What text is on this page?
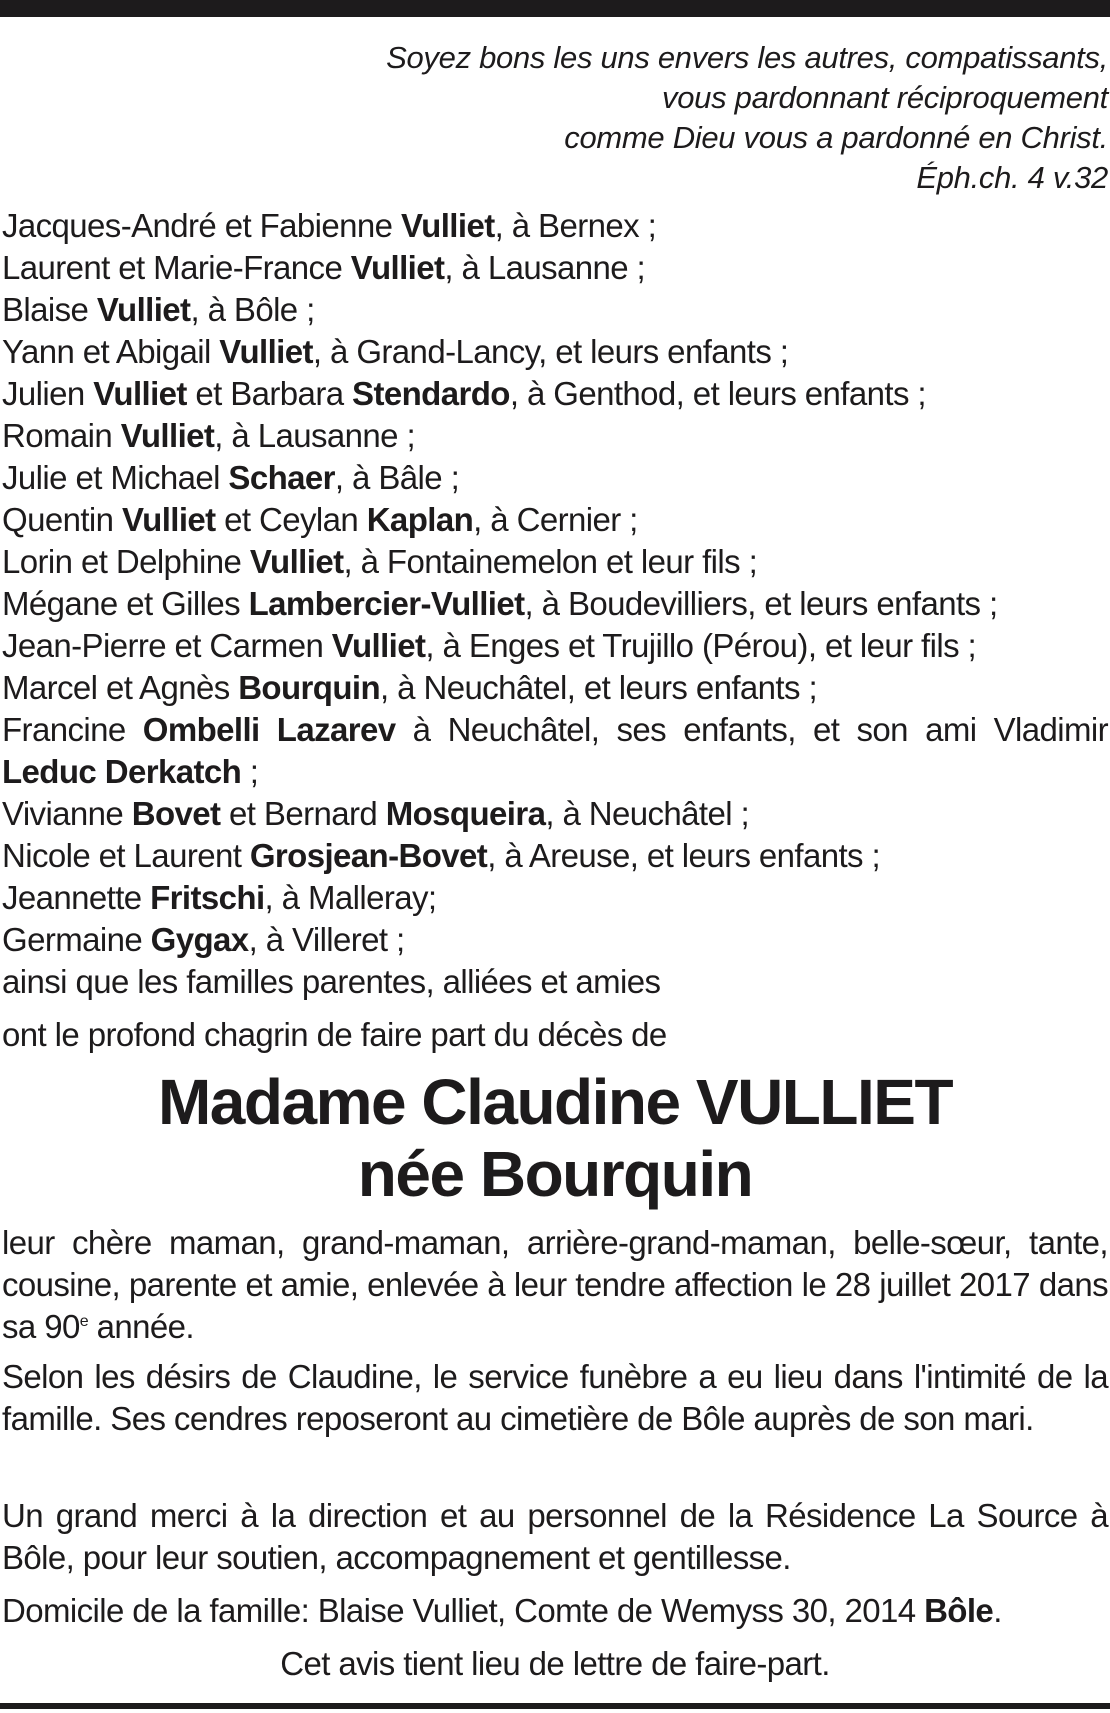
Soyez bons les uns envers les autres, compatissants,
vous pardonnant réciproquement
comme Dieu vous a pardonné en Christ.
Éph.ch. 4 v.32
Jacques-André et Fabienne Vulliet, à Bernex ;
Laurent et Marie-France Vulliet, à Lausanne ;
Blaise Vulliet, à Bôle ;
Yann et Abigail Vulliet, à Grand-Lancy, et leurs enfants ;
Julien Vulliet et Barbara Stendardo, à Genthod, et leurs enfants ;
Romain Vulliet, à Lausanne ;
Julie et Michael Schaer, à Bâle ;
Quentin Vulliet et Ceylan Kaplan, à Cernier ;
Lorin et Delphine Vulliet, à Fontainemelon et leur fils ;
Mégane et Gilles Lambercier-Vulliet, à Boudevilliers, et leurs enfants ;
Jean-Pierre et Carmen Vulliet, à Enges et Trujillo (Pérou), et leur fils ;
Marcel et Agnès Bourquin, à Neuchâtel, et leurs enfants ;
Francine Ombelli Lazarev à Neuchâtel, ses enfants, et son ami Vladimir Leduc Derkatch ;
Vivianne Bovet et Bernard Mosqueira, à Neuchâtel ;
Nicole et Laurent Grosjean-Bovet, à Areuse, et leurs enfants ;
Jeannette Fritschi, à Malleray;
Germaine Gygax, à Villeret ;
ainsi que les familles parentes, alliées et amies
ont le profond chagrin de faire part du décès de
Madame Claudine VULLIET
née Bourquin

leur chère maman, grand-maman, arrière-grand-maman, belle-sœur, tante, cousine, parente et amie, enlevée à leur tendre affection le 28 juillet 2017 dans sa 90e année.

Selon les désirs de Claudine, le service funèbre a eu lieu dans l'intimité de la famille. Ses cendres reposeront au cimetière de Bôle auprès de son mari.

Un grand merci à la direction et au personnel de la Résidence La Source à Bôle, pour leur soutien, accompagnement et gentillesse.

Domicile de la famille: Blaise Vulliet, Comte de Wemyss 30, 2014 Bôle.

Cet avis tient lieu de lettre de faire-part.
